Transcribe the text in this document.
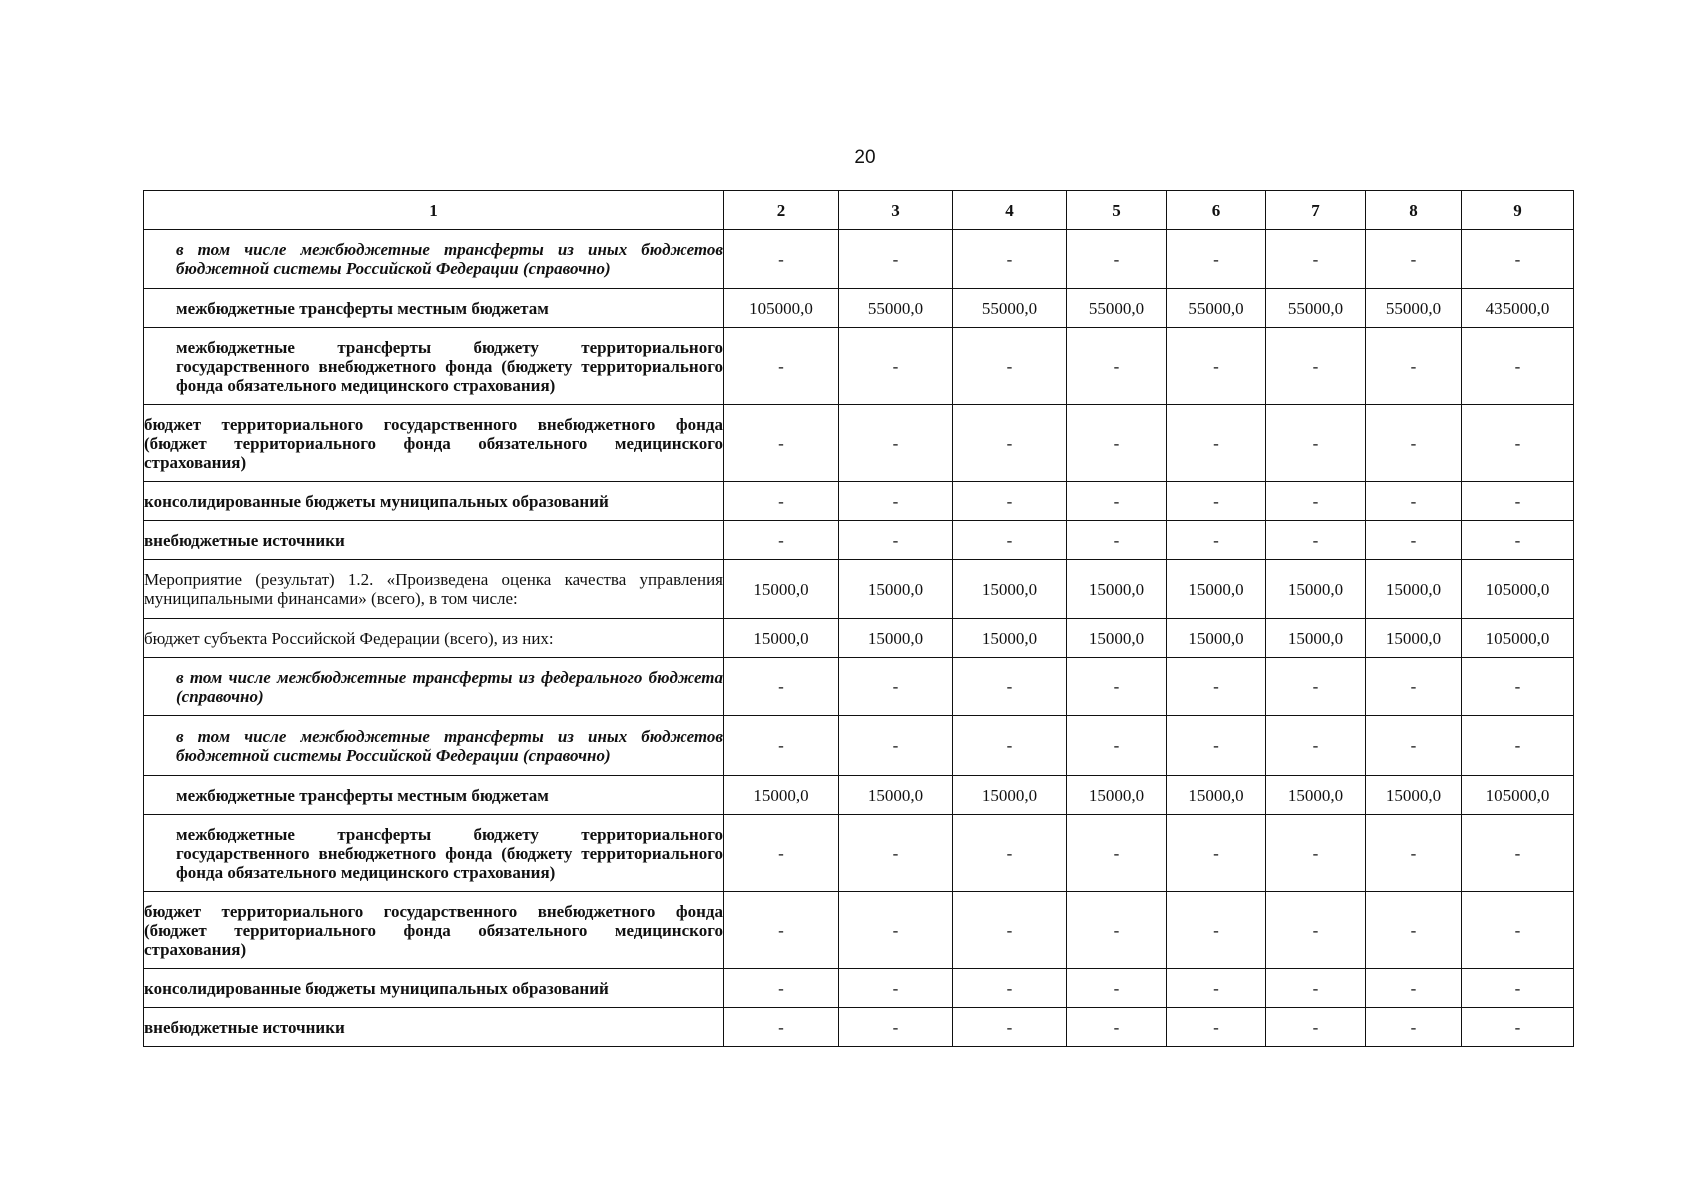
20
1	2	3	4	5	6	7	8	9
в том числе межбюджетные трансферты из иных бюджетов бюджетной системы Российской Федерации (справочно)	-	-	-	-	-	-	-	-
межбюджетные трансферты местным бюджетам	105000,0	55000,0	55000,0	55000,0	55000,0	55000,0	55000,0	435000,0
межбюджетные трансферты бюджету территориального государственного внебюджетного фонда (бюджету территориального фонда обязательного медицинского страхования)	-	-	-	-	-	-	-	-
бюджет территориального государственного внебюджетного фонда (бюджет территориального фонда обязательного медицинского страхования)	-	-	-	-	-	-	-	-
консолидированные бюджеты муниципальных образований	-	-	-	-	-	-	-	-
внебюджетные источники	-	-	-	-	-	-	-	-
Мероприятие (результат) 1.2. «Произведена оценка качества управления муниципальными финансами» (всего), в том числе:	15000,0	15000,0	15000,0	15000,0	15000,0	15000,0	15000,0	105000,0
бюджет субъекта Российской Федерации (всего), из них:	15000,0	15000,0	15000,0	15000,0	15000,0	15000,0	15000,0	105000,0
в том числе межбюджетные трансферты из федерального бюджета (справочно)	-	-	-	-	-	-	-	-
в том числе межбюджетные трансферты из иных бюджетов бюджетной системы Российской Федерации (справочно)	-	-	-	-	-	-	-	-
межбюджетные трансферты местным бюджетам	15000,0	15000,0	15000,0	15000,0	15000,0	15000,0	15000,0	105000,0
межбюджетные трансферты бюджету территориального государственного внебюджетного фонда (бюджету территориального фонда обязательного медицинского страхования)	-	-	-	-	-	-	-	-
бюджет территориального государственного внебюджетного фонда (бюджет территориального фонда обязательного медицинского страхования)	-	-	-	-	-	-	-	-
консолидированные бюджеты муниципальных образований	-	-	-	-	-	-	-	-
внебюджетные источники	-	-	-	-	-	-	-	-
